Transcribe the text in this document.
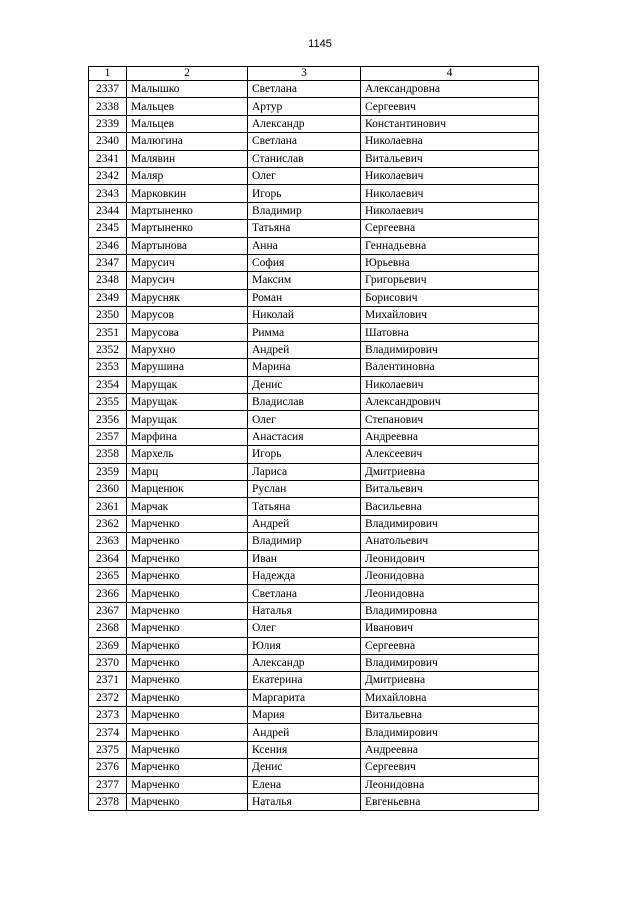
1145
1	2	3	4
2337	Малышко	Светлана	Александровна
2338	Мальцев	Артур	Сергеевич
2339	Мальцев	Александр	Константинович
2340	Малюгина	Светлана	Николаевна
2341	Малявин	Станислав	Витальевич
2342	Маляр	Олег	Николаевич
2343	Марковкин	Игорь	Николаевич
2344	Мартыненко	Владимир	Николаевич
2345	Мартыненко	Татьяна	Сергеевна
2346	Мартынова	Анна	Геннадьевна
2347	Марусич	София	Юрьевна
2348	Марусич	Максим	Григорьевич
2349	Маруcняк	Роман	Борисович
2350	Марусов	Николай	Михайлович
2351	Марусова	Римма	Шатовна
2352	Марухно	Андрей	Владимирович
2353	Марушина	Марина	Валентиновна
2354	Марущак	Денис	Николаевич
2355	Марущак	Владислав	Александрович
2356	Марущак	Олег	Степанович
2357	Марфина	Анастасия	Андреевна
2358	Мархель	Игорь	Алексеевич
2359	Марц	Лариса	Дмитриевна
2360	Марценюк	Руслан	Витальевич
2361	Марчак	Татьяна	Васильевна
2362	Марченко	Андрей	Владимирович
2363	Марченко	Владимир	Анатольевич
2364	Марченко	Иван	Леонидович
2365	Марченко	Надежда	Леонидовна
2366	Марченко	Светлана	Леонидовна
2367	Марченко	Наталья	Владимировна
2368	Марченко	Олег	Иванович
2369	Марченко	Юлия	Сергеевна
2370	Марченко	Александр	Владимирович
2371	Марченко	Екатерина	Дмитриевна
2372	Марченко	Маргарита	Михайловна
2373	Марченко	Мария	Витальевна
2374	Марченко	Андрей	Владимирович
2375	Марченко	Ксения	Андреевна
2376	Марченко	Денис	Сергеевич
2377	Марченко	Елена	Леонидовна
2378	Марченко	Наталья	Евгеньевна
